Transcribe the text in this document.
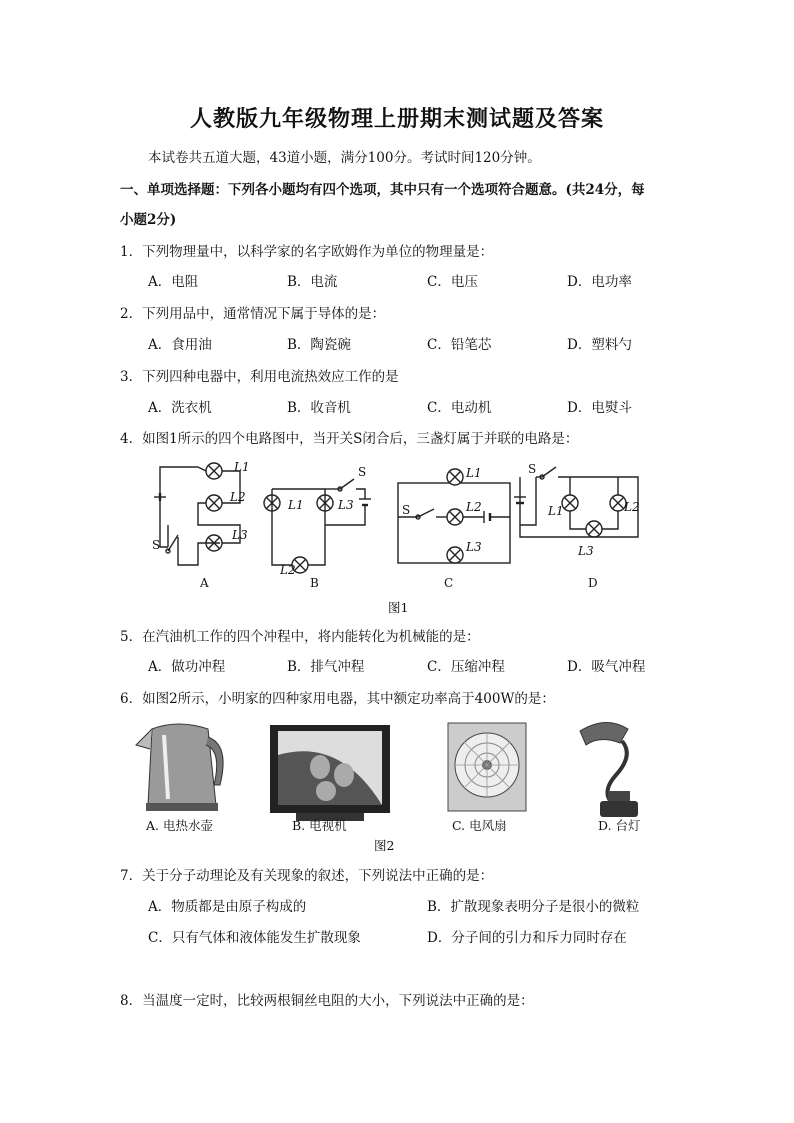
人教版九年级物理上册期末测试题及答案
本试卷共五道大题，43道小题，满分100分。考试时间120分钟。
一、单项选择题：下列各小题均有四个选项，其中只有一个选项符合题意。(共24分，每
小题2分)
1．下列物理量中，以科学家的名字欧姆作为单位的物理量是：
A．电阻	B．电流	C．电压	D．电功率
2．下列用品中，通常情况下属于导体的是：
A．食用油	B．陶瓷碗	C．铅笔芯	D．塑料勺
3．下列四种电器中，利用电流热效应工作的是
A．洗衣机	B．收音机	C．电动机	D．电熨斗
4．如图1所示的四个电路图中，当开关S闭合后，三盏灯属于并联的电路是：
A	B	C	D
S
S
S
S
L1
L2
L3
L1
L2
L3
L1
L2
L3
L1	L2
L3
图1
5．在汽油机工作的四个冲程中，将内能转化为机械能的是：
A．做功冲程	B．排气冲程	C．压缩冲程	D．吸气冲程
6．如图2所示，小明家的四种家用电器，其中额定功率高于400W的是：
A. 电热水壶	B. 电视机	C. 电风扇	D. 台灯
图2
7．关于分子动理论及有关现象的叙述，下列说法中正确的是：
A．物质都是由原子构成的	B．扩散现象表明分子是很小的微粒
C．只有气体和液体能发生扩散现象	D．分子间的引力和斥力同时存在
8．当温度一定时，比较两根铜丝电阻的大小，下列说法中正确的是：
